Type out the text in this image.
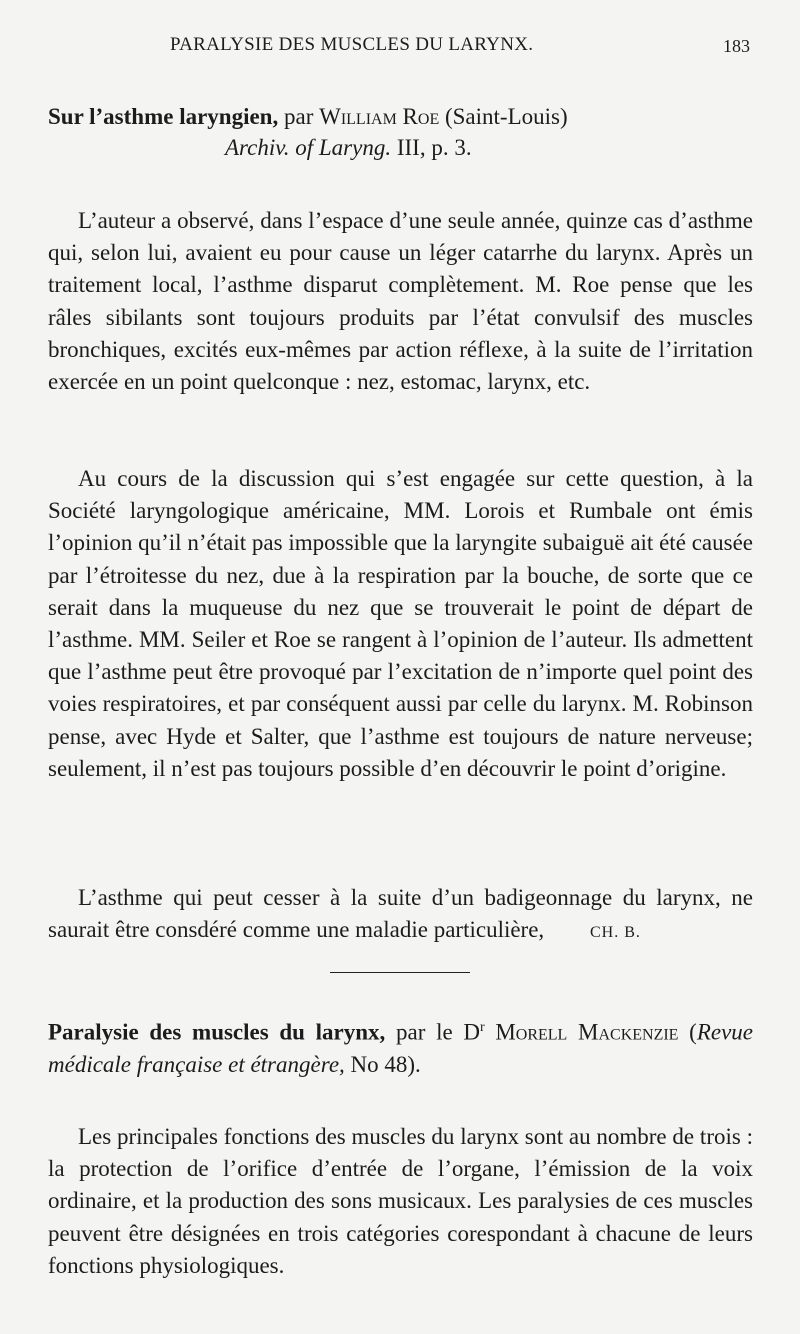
PARALYSIE DES MUSCLES DU LARYNX.	183
Sur l’asthme laryngien, par William Roe (Saint-Louis)
Archiv. of Laryng. III, p. 3.

L’auteur a observé, dans l’espace d’une seule année, quinze cas d’asthme qui, selon lui, avaient eu pour cause un léger catarrhe du larynx. Après un traitement local, l’asthme disparut complètement. M. Roe pense que les râles sibilants sont toujours produits par l’état convulsif des muscles bronchiques, excités eux-mêmes par action réflexe, à la suite de l’irritation exercée en un point quelconque : nez, estomac, larynx, etc.

Au cours de la discussion qui s’est engagée sur cette question, à la Société laryngologique américaine, MM. Lorois et Rumbale ont émis l’opinion qu’il n’était pas impossible que la laryngite subaiguë ait été causée par l’étroitesse du nez, due à la respiration par la bouche, de sorte que ce serait dans la muqueuse du nez que se trouverait le point de départ de l’asthme. MM. Seiler et Roe se rangent à l’opinion de l’auteur. Ils admettent que l’asthme peut être provoqué par l’excitation de n’importe quel point des voies respiratoires, et par conséquent aussi par celle du larynx. M. Robinson pense, avec Hyde et Salter, que l’asthme est toujours de nature nerveuse; seulement, il n’est pas toujours possible d’en découvrir le point d’origine.

L’asthme qui peut cesser à la suite d’un badigeonnage du larynx, ne saurait être consdéré comme une maladie particulière,	CH. B.
Paralysie des muscles du larynx, par le $D^r$ Morell Mackenzie (Revue médicale française et étrangère, No 48).

Les principales fonctions des muscles du larynx sont au nombre de trois : la protection de l’orifice d’entrée de l’organe, l’émission de la voix ordinaire, et la production des sons musicaux. Les paralysies de ces muscles peuvent être désignées en trois catégories corespondant à chacune de leurs fonctions physiologiques.
